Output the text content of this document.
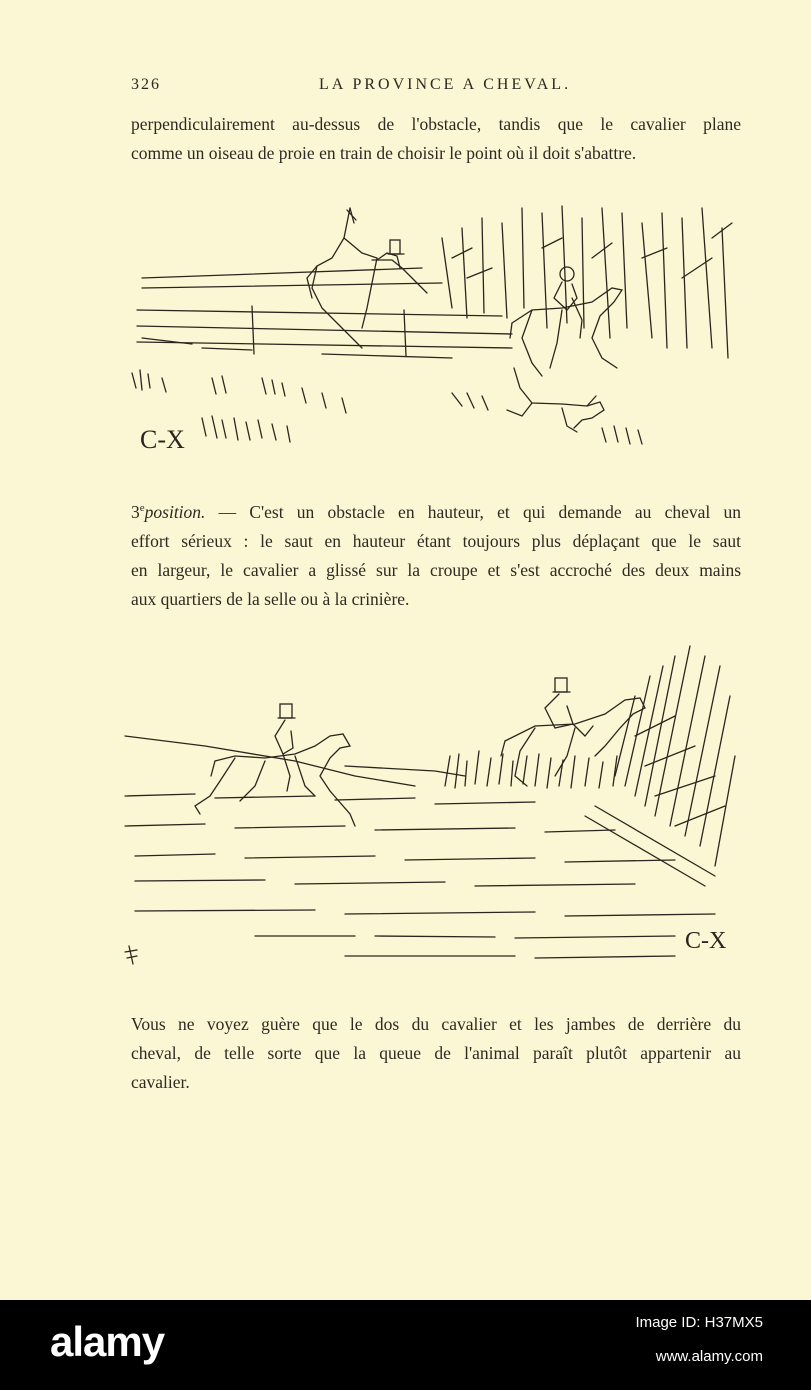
326	LA PROVINCE A CHEVAL.
perpendiculairement au-dessus de l'obstacle, tandis que le cavalier plane
comme un oiseau de proie en train de choisir le point où il doit s'abattre.
C-X
3eposition. — C'est un obstacle en hauteur, et qui demande au cheval un
effort sérieux : le saut en hauteur étant toujours plus déplaçant que le saut
en largeur, le cavalier a glissé sur la croupe et s'est accroché des deux mains
aux quartiers de la selle ou à la crinière.
C-X
Vous ne voyez guère que le dos du cavalier et les jambes de derrière du
cheval, de telle sorte que la queue de l'animal paraît plutôt appartenir au
cavalier.
alamy	Image ID: H37MX5
www.alamy.com
